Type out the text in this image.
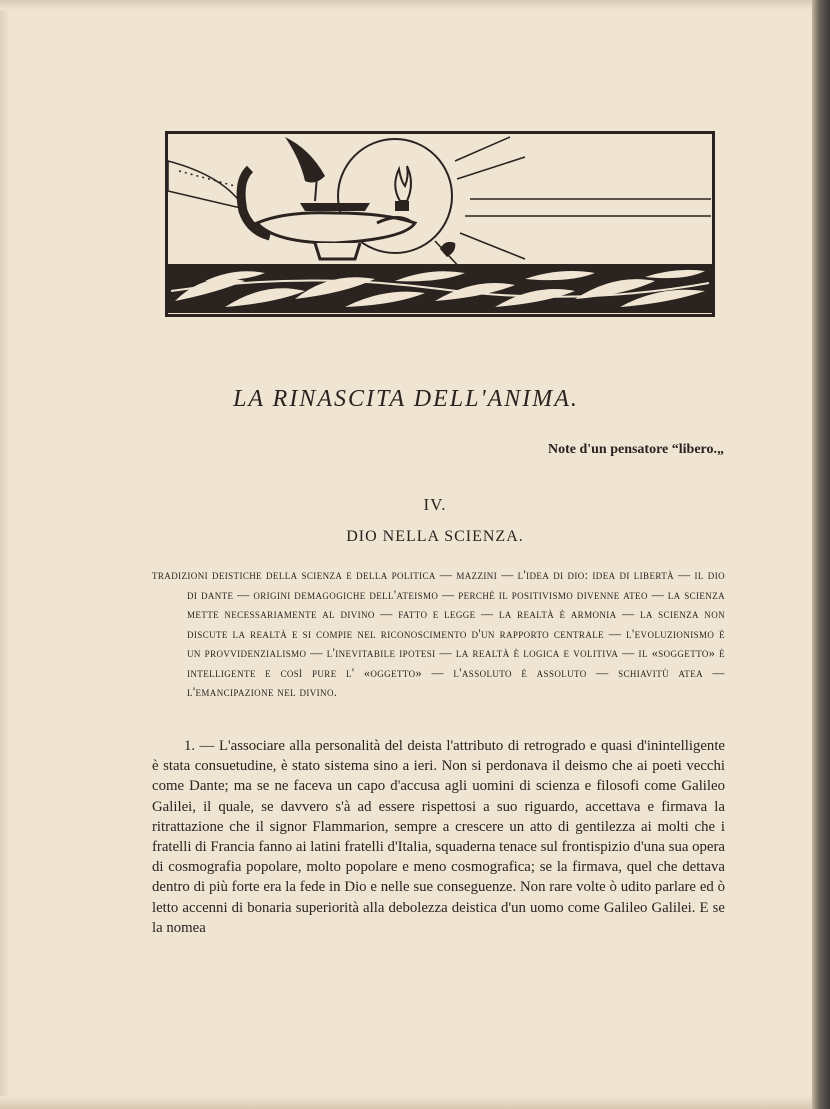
LA RINASCITA DELL'ANIMA.
Note d'un pensatore “libero.„
IV.
DIO NELLA SCIENZA.
tradizioni deistiche della scienza e della politica — mazzini — l'idea di dio: idea di libertà — il dio di dante — origini demagogiche dell'ateismo — perchè il positivismo divenne ateo — la scienza mette necessariamente al divino — fatto e legge — la realtà è armonia — la scienza non discute la realtà e si compie nel riconoscimento d'un rapporto centrale — l'evoluzionismo è un provvidenzialismo — l'inevitabile ipotesi — la realtà è logica e volitiva — il «soggetto» è intelligente e così pure l' «oggetto» — l'assoluto è assoluto — schiavitù atea — l'emancipazione nel divino.
1. — L'associare alla personalità del deista l'attributo di retrogrado e quasi d'inintelligente è stata consuetudine, è stato sistema sino a ieri. Non si perdonava il deismo che ai poeti vecchi come Dante; ma se ne faceva un capo d'accusa agli uomini di scienza e filosofi come Galileo Galilei, il quale, se davvero s'à ad essere rispettosi a suo riguardo, accettava e firmava la ritrattazione che il signor Flammarion, sempre a crescere un atto di gentilezza ai molti che i fratelli di Francia fanno ai latini fratelli d'Italia, squaderna tenace sul frontispizio d'una sua opera di cosmografia popolare, molto popolare e meno cosmografica; se la firmava, quel che dettava dentro di più forte era la fede in Dio e nelle sue conseguenze. Non rare volte ò udito parlare ed ò letto accenni di bonaria superiorità alla debolezza deistica d'un uomo come Galileo Galilei. E se la nomea
